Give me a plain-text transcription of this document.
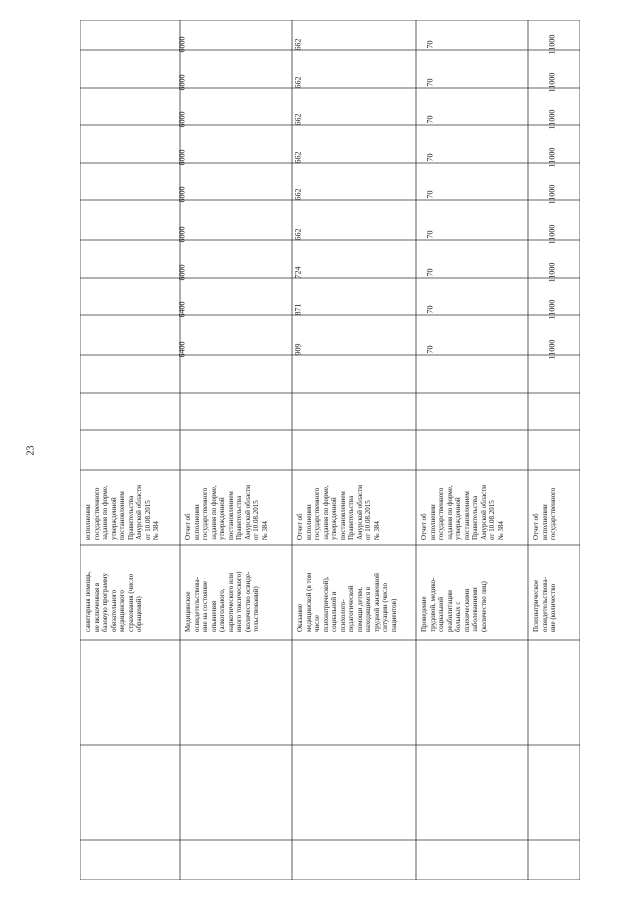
23
санитарная помощь,
не включенная в
базовую программу
обязательного
медицинского
страхования (число
обращений)
исполнении
государственного
задания по форме,
утвержденной
постановлением
Правительства
Амурской области
от 10.08.2015
№ 384
Медицинское
освидетельствова-
ние на состояние
опьянения
(алкогольного,
наркотического или
иного токсического)
(количество освиде-
тельствований)
Отчет об
исполнении
государственного
задания по форме,
утвержденной
постановлением
Правительства
Амурской области
от 10.08.2015
№ 384
6400
6400
6000
6000
6000
6000
6000
6000
6000
Оказание
медицинской (в том
числе
психиатрической),
социальной и
психолого-
педагогической
помощи детям,
находящимся в
трудной жизненной
ситуации (число
пациентов)
Отчет об
исполнении
государственного
задания по форме,
утвержденной
постановлением
Правительства
Амурской области
от 10.08.2015
№ 384
909
871
724
662
662
662
662
662
662
Проведение
трудовой, медико-
социальной
реабилитации
больных с
психическими
заболеваниями
(количество лиц)
Отчет об
исполнении
государственного
задания по форме,
утвержденной
постановлением
Правительства
Амурской области
от 10.08.2015
№ 384
70
70
70
70
70
70
70
70
70
Психиатрическое
освидетельствова-
ние (количество
Отчет об
исполнении
государственного
11000
11000
11000
11000
11000
11000
11000
11000
11000
